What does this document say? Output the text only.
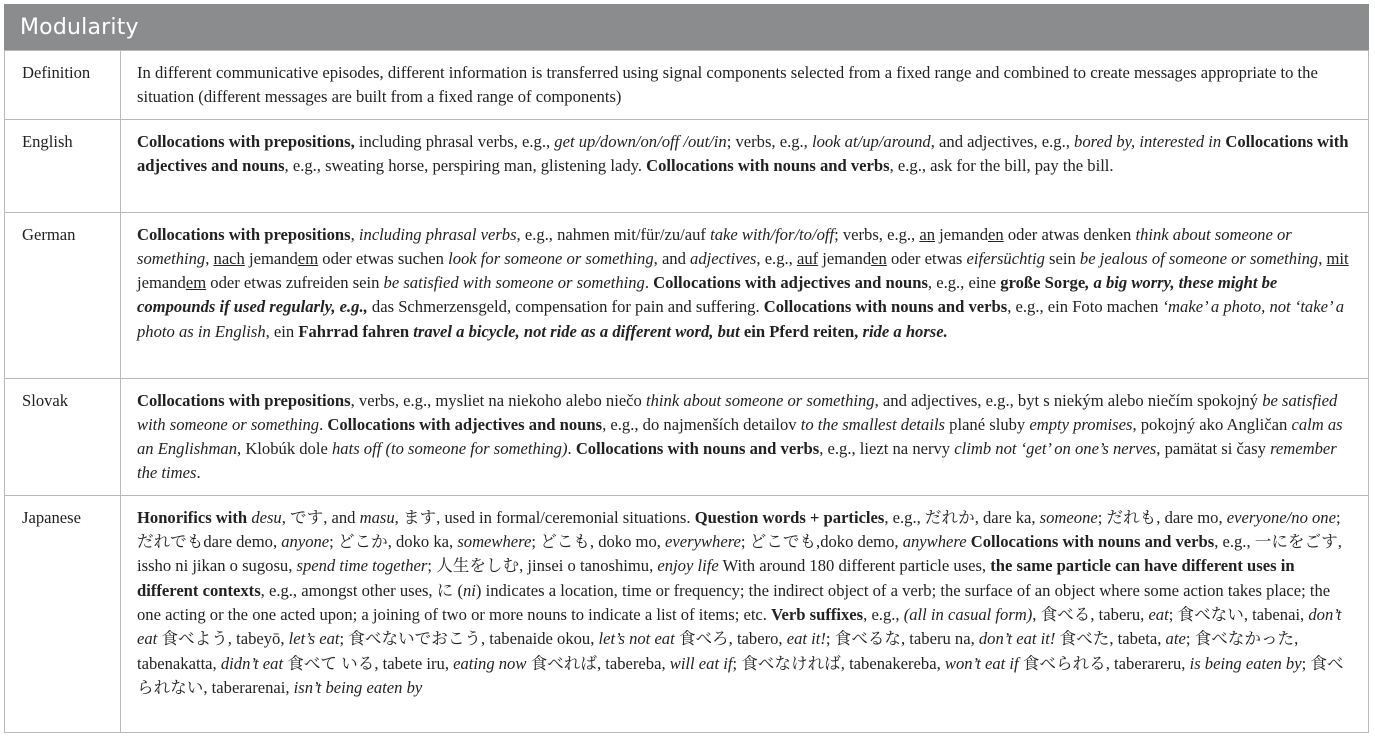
Modularity
Definition	In different communicative episodes, different information is transferred using signal components selected from a fixed range and combined to create messages appropriate to the situation (different messages are built from a fixed range of components)
English	Collocations with prepositions, including phrasal verbs, e.g., get up/down/on/off /out/in; verbs, e.g., look at/up/around, and adjectives, e.g., bored by, interested in Collocations with adjectives and nouns, e.g., sweating horse, perspiring man, glistening lady. Collocations with nouns and verbs, e.g., ask for the bill, pay the bill.
German	Collocations with prepositions, including phrasal verbs, e.g., nahmen mit/für/zu/auf take with/for/to/off; verbs, e.g., an jemanden oder atwas denken think about someone or something, nach jemandem oder etwas suchen look for someone or something, and adjectives, e.g., auf jemanden oder etwas eifersüchtig sein be jealous of someone or something, mit jemandem oder etwas zufreiden sein be satisfied with someone or something. Collocations with adjectives and nouns, e.g., eine große Sorge, a big worry, these might be compounds if used regularly, e.g., das Schmerzensgeld, compensation for pain and suffering. Collocations with nouns and verbs, e.g., ein Foto machen ‘make’ a photo, not ‘take’ a photo as in English, ein Fahrrad fahren travel a bicycle, not ride as a different word, but ein Pferd reiten, ride a horse.
Slovak	Collocations with prepositions, verbs, e.g., mysliet na niekoho alebo niečo think about someone or something, and adjectives, e.g., byt s niekým alebo niečím spokojný be satisfied with someone or something. Collocations with adjectives and nouns, e.g., do najmenších detailov to the smallest details plané sluby empty promises, pokojný ako Angličan calm as an Englishman, Klobúk dole hats off (to someone for something). Collocations with nouns and verbs, e.g., liezt na nervy climb not ‘get’ on one’s nerves, pamätat si časy remember the times.
Japanese	Honorifics with desu, です, and masu, ます, used in formal/ceremonial situations. Question words + particles, e.g., だれか, dare ka, someone; だれも, dare mo, everyone/no one; だれでもdare demo, anyone; どこか, doko ka, somewhere; どこも, doko mo, everywhere; どこでも,doko demo, anywhere Collocations with nouns and verbs, e.g., 一にをごす, issho ni jikan o sugosu, spend time together; 人生をしむ, jinsei o tanoshimu, enjoy life With around 180 different particle uses, the same particle can have different uses in different contexts, e.g., amongst other uses, に (ni) indicates a location, time or frequency; the indirect object of a verb; the surface of an object where some action takes place; the one acting or the one acted upon; a joining of two or more nouns to indicate a list of items; etc. Verb suffixes, e.g., (all in casual form), 食べる, taberu, eat; 食べない, tabenai, don’t eat 食べよう, tabeyō, let’s eat; 食べないでおこう, tabenaide okou, let’s not eat 食べろ, tabero, eat it!; 食べるな, taberu na, don’t eat it! 食べた, tabeta, ate; 食べなかった, tabenakatta, didn’t eat 食べて いる, tabete iru, eating now 食べれば, tabereba, will eat if; 食べなければ, tabenakereba, won’t eat if 食べられる, taberareru, is being eaten by; 食べられない, taberarenai, isn’t being eaten by
